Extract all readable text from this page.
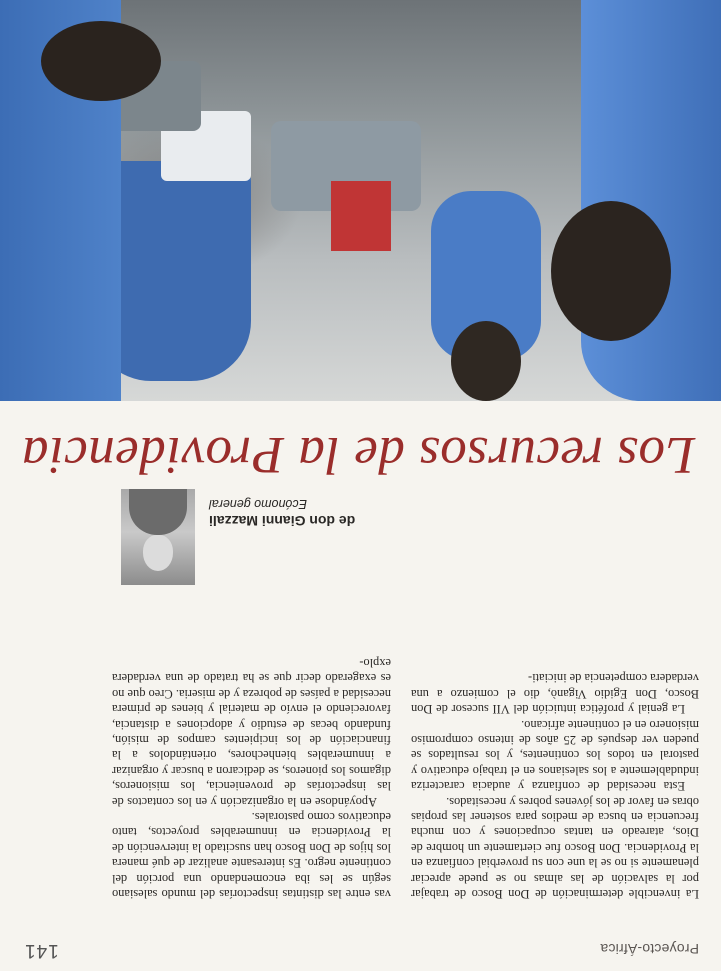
Proyecto-África
141

La invencible determinación de Don Bosco de trabajar por la salvación de las almas no se puede apreciar plenamente si no se la une con su proverbial confianza en la Providencia. Don Bosco fue ciertamente un hombre de Dios, atareado en tantas ocupaciones y con mucha frecuencia en busca de medios para sostener las propias obras en favor de los jóvenes pobres y necesitados.

Esta necesidad de confianza y audacia caracteriza indudablemente a los salesianos en el trabajo educativo y pastoral en todos los continentes, y los resultados se pueden ver después de 25 años de intenso compromiso misionero en el continente africano.

La genial y profética intuición del VII sucesor de Don Bosco, Don Egidio Viganò, dio el comienzo a una verdadera competencia de iniciati-

vas entre las distintas inspectorías del mundo salesiano según se les iba encomendando una porción del continente negro. Es interesante analizar de qué manera los hijos de Don Bosco han suscitado la intervención de la Providencia en innumerables proyectos, tanto educativos como pastorales.

Apoyándose en la organización y en los contactos de las inspectorías de proveniencia, los misioneros, digamos los pioneros, se dedicaron a buscar y organizar a innumerables bienhechores, orientándolos a la financiación de los incipientes campos de misión, fundando becas de estudio y adopciones a distancia, favoreciendo el envío de material y bienes de primera necesidad a países de pobreza y de miseria. Creo que no es exagerado decir que se ha tratado de una verdadera explo-

de don Gianni Mazzali
Ecónomo general
Los recursos de la Providencia
